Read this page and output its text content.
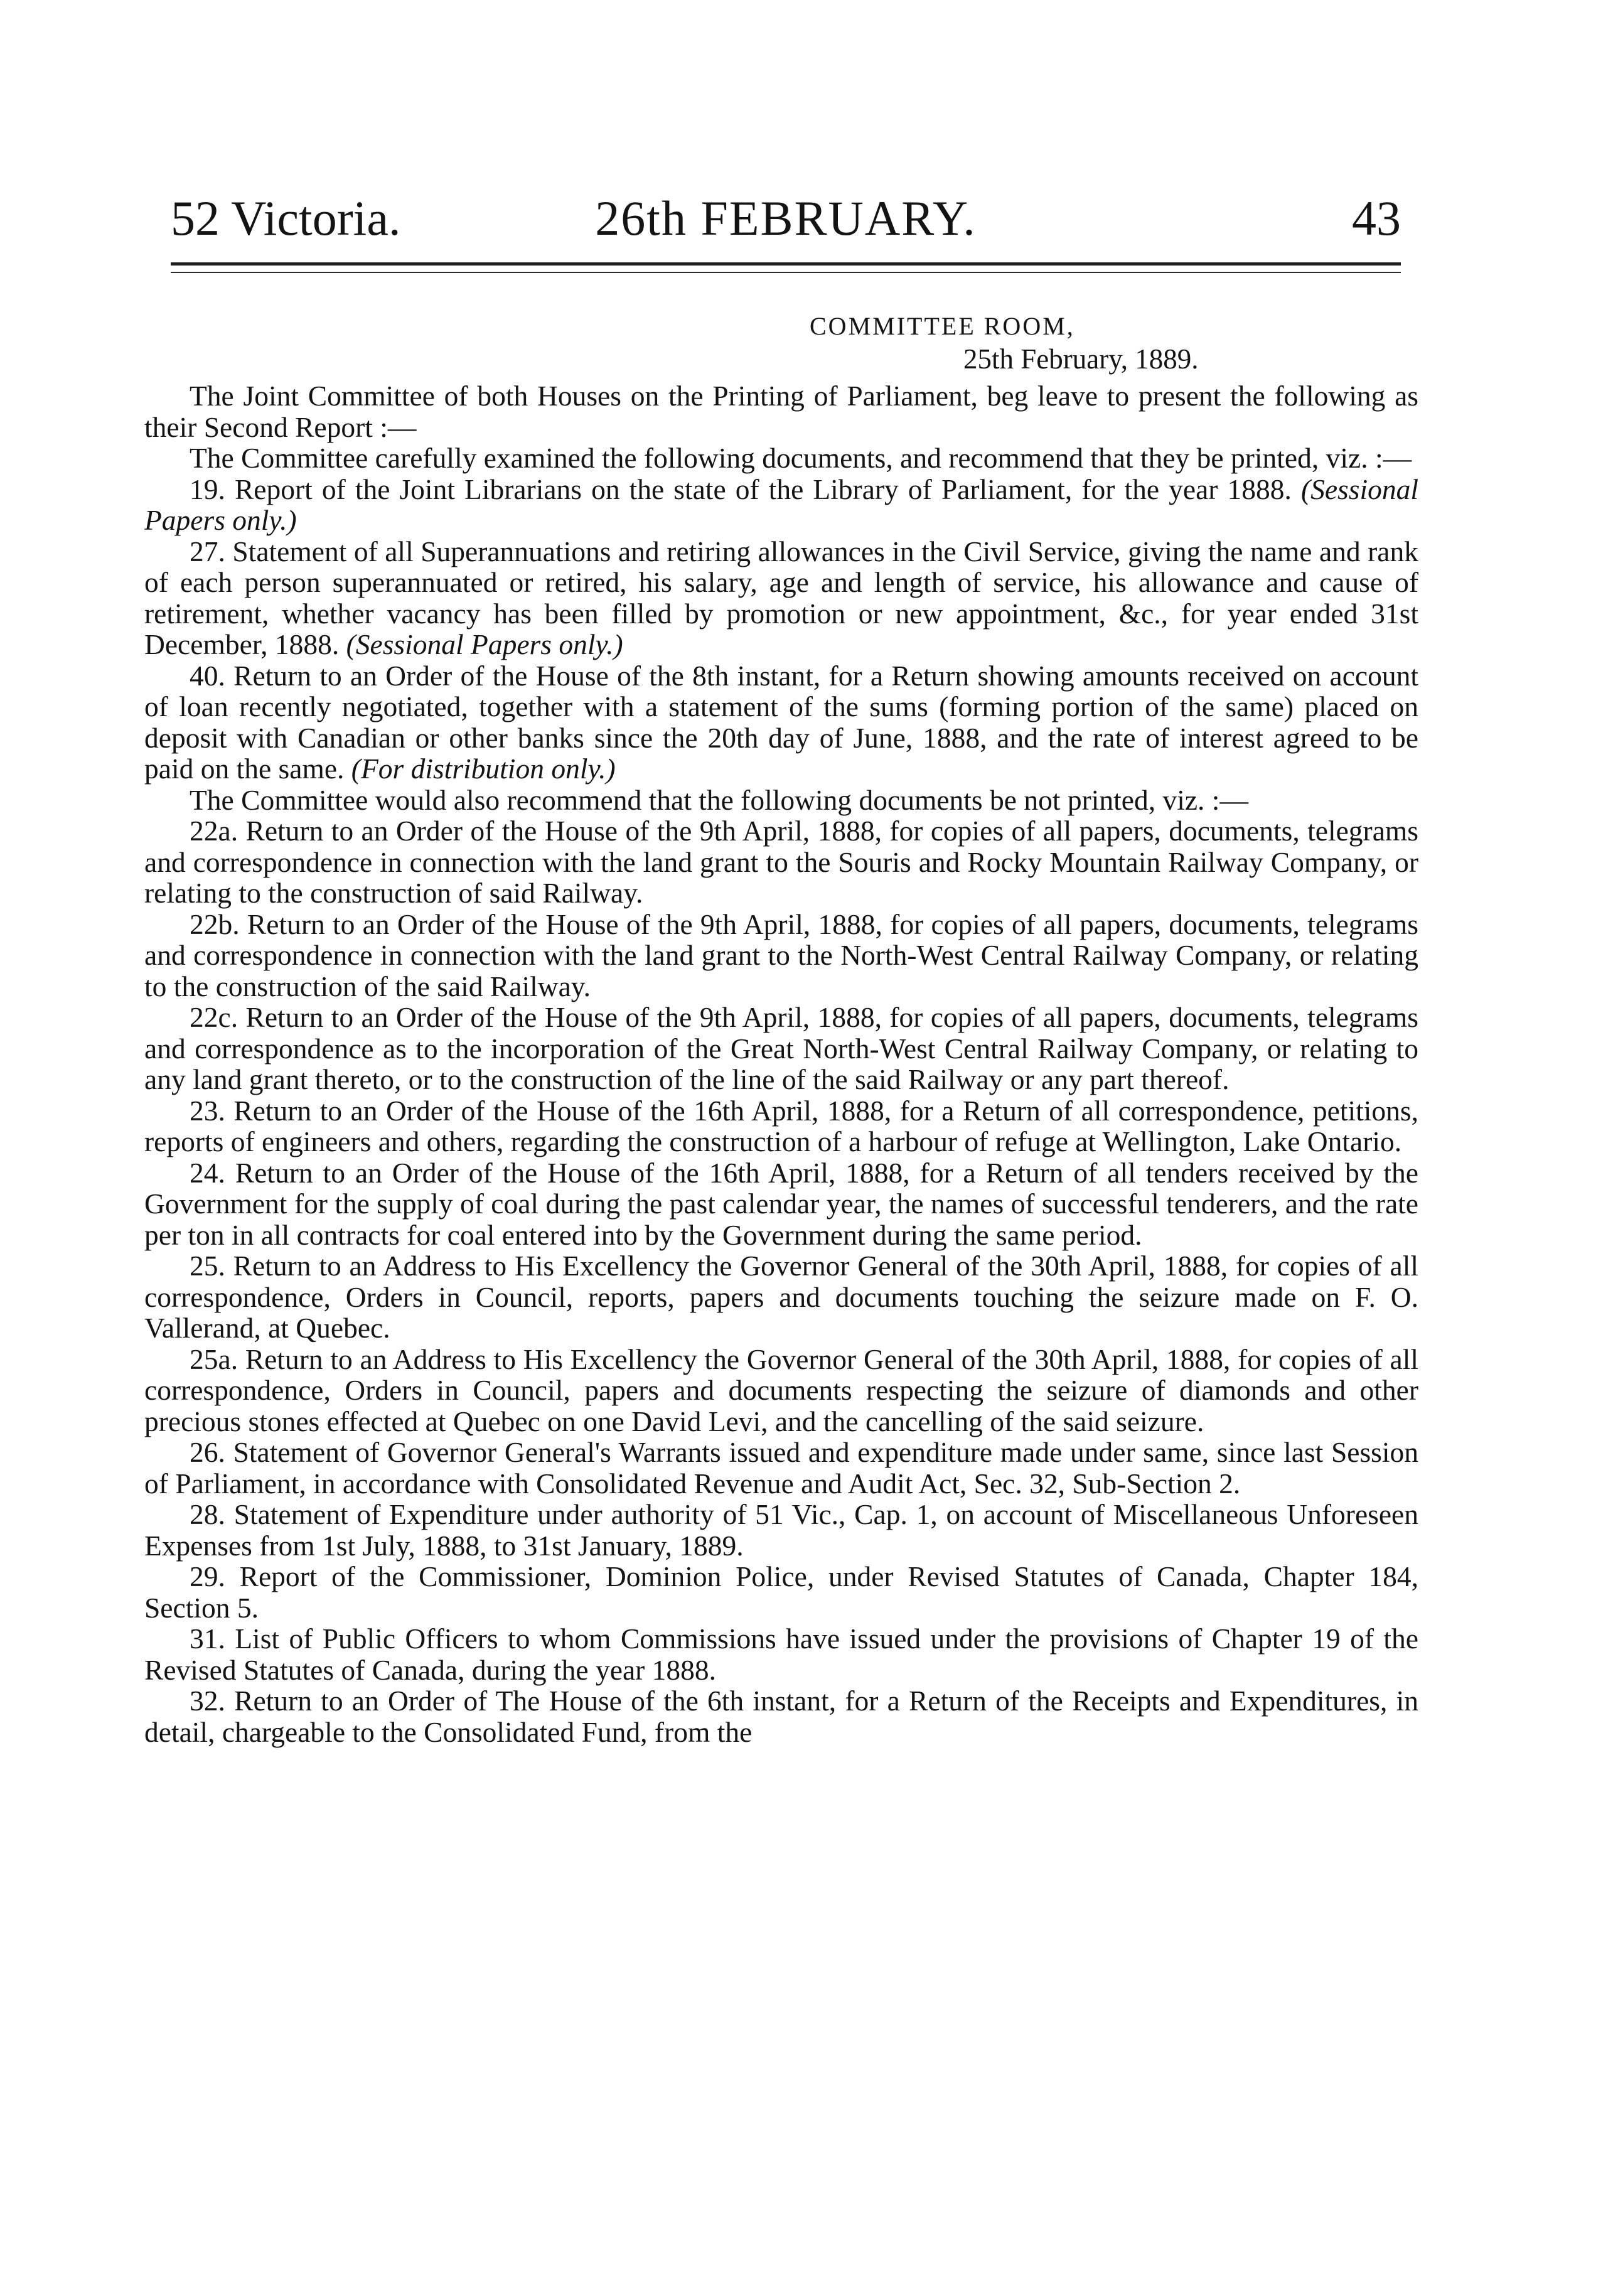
52 Victoria.	26th FEBRUARY.	43
COMMITTEE ROOM,
25th February, 1889.

The Joint Committee of both Houses on the Printing of Parliament, beg leave to present the following as their Second Report :—

The Committee carefully examined the following documents, and recommend that they be printed, viz. :—

19. Report of the Joint Librarians on the state of the Library of Parliament, for the year 1888. (Sessional Papers only.)

27. Statement of all Superannuations and retiring allowances in the Civil Service, giving the name and rank of each person superannuated or retired, his salary, age and length of service, his allowance and cause of retirement, whether vacancy has been filled by promotion or new appointment, &c., for year ended 31st December, 1888. (Sessional Papers only.)

40. Return to an Order of the House of the 8th instant, for a Return showing amounts received on account of loan recently negotiated, together with a statement of the sums (forming portion of the same) placed on deposit with Canadian or other banks since the 20th day of June, 1888, and the rate of interest agreed to be paid on the same. (For distribution only.)

The Committee would also recommend that the following documents be not printed, viz. :—

22a. Return to an Order of the House of the 9th April, 1888, for copies of all papers, documents, telegrams and correspondence in connection with the land grant to the Souris and Rocky Mountain Railway Company, or relating to the construction of said Railway.

22b. Return to an Order of the House of the 9th April, 1888, for copies of all papers, documents, telegrams and correspondence in connection with the land grant to the North-West Central Railway Company, or relating to the construction of the said Railway.

22c. Return to an Order of the House of the 9th April, 1888, for copies of all papers, documents, telegrams and correspondence as to the incorporation of the Great North-West Central Railway Company, or relating to any land grant thereto, or to the construction of the line of the said Railway or any part thereof.

23. Return to an Order of the House of the 16th April, 1888, for a Return of all correspondence, petitions, reports of engineers and others, regarding the construction of a harbour of refuge at Wellington, Lake Ontario.

24. Return to an Order of the House of the 16th April, 1888, for a Return of all tenders received by the Government for the supply of coal during the past calendar year, the names of successful tenderers, and the rate per ton in all contracts for coal entered into by the Government during the same period.

25. Return to an Address to His Excellency the Governor General of the 30th April, 1888, for copies of all correspondence, Orders in Council, reports, papers and documents touching the seizure made on F. O. Vallerand, at Quebec.

25a. Return to an Address to His Excellency the Governor General of the 30th April, 1888, for copies of all correspondence, Orders in Council, papers and documents respecting the seizure of diamonds and other precious stones effected at Quebec on one David Levi, and the cancelling of the said seizure.

26. Statement of Governor General's Warrants issued and expenditure made under same, since last Session of Parliament, in accordance with Consolidated Revenue and Audit Act, Sec. 32, Sub-Section 2.

28. Statement of Expenditure under authority of 51 Vic., Cap. 1, on account of Miscellaneous Unforeseen Expenses from 1st July, 1888, to 31st January, 1889.

29. Report of the Commissioner, Dominion Police, under Revised Statutes of Canada, Chapter 184, Section 5.

31. List of Public Officers to whom Commissions have issued under the provisions of Chapter 19 of the Revised Statutes of Canada, during the year 1888.

32. Return to an Order of The House of the 6th instant, for a Return of the Receipts and Expenditures, in detail, chargeable to the Consolidated Fund, from the
